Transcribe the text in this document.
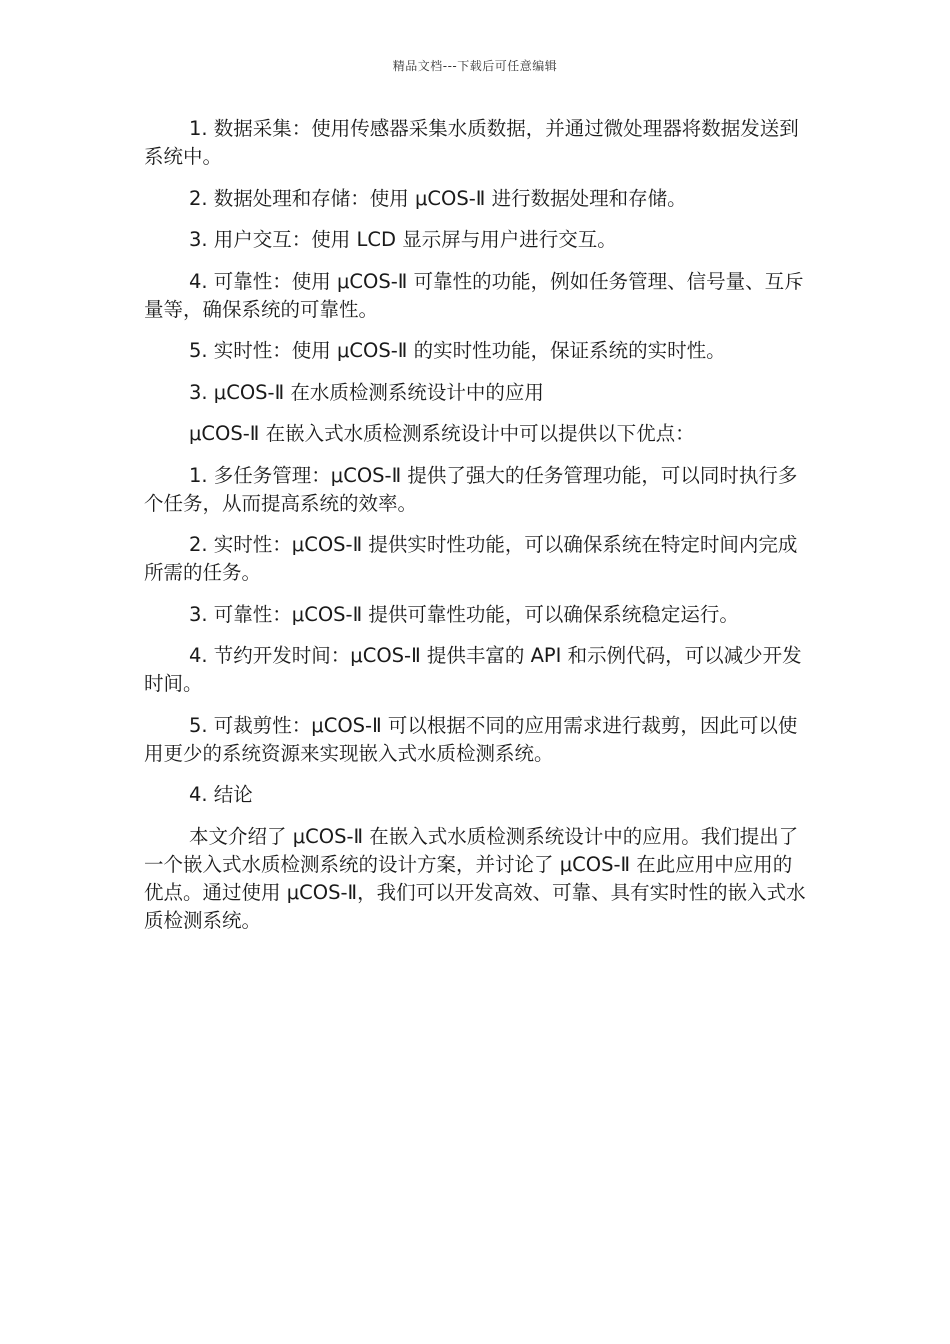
精品文档---下载后可任意编辑

1. 数据采集：使用传感器采集水质数据，并通过微处理器将数据发送到系统中。

2. 数据处理和存储：使用 μCOS-Ⅱ 进行数据处理和存储。

3. 用户交互：使用 LCD 显示屏与用户进行交互。

4. 可靠性：使用 μCOS-Ⅱ 可靠性的功能，例如任务管理、信号量、互斥量等，确保系统的可靠性。

5. 实时性：使用 μCOS-Ⅱ 的实时性功能，保证系统的实时性。

3. μCOS-Ⅱ 在水质检测系统设计中的应用

μCOS-Ⅱ 在嵌入式水质检测系统设计中可以提供以下优点：

1. 多任务管理：μCOS-Ⅱ 提供了强大的任务管理功能，可以同时执行多个任务，从而提高系统的效率。

2. 实时性：μCOS-Ⅱ 提供实时性功能，可以确保系统在特定时间内完成所需的任务。

3. 可靠性：μCOS-Ⅱ 提供可靠性功能，可以确保系统稳定运行。

4. 节约开发时间：μCOS-Ⅱ 提供丰富的 API 和示例代码，可以减少开发时间。

5. 可裁剪性：μCOS-Ⅱ 可以根据不同的应用需求进行裁剪，因此可以使用更少的系统资源来实现嵌入式水质检测系统。

4. 结论

本文介绍了 μCOS-Ⅱ 在嵌入式水质检测系统设计中的应用。我们提出了一个嵌入式水质检测系统的设计方案，并讨论了 μCOS-Ⅱ 在此应用中应用的优点。通过使用 μCOS-Ⅱ，我们可以开发高效、可靠、具有实时性的嵌入式水质检测系统。
